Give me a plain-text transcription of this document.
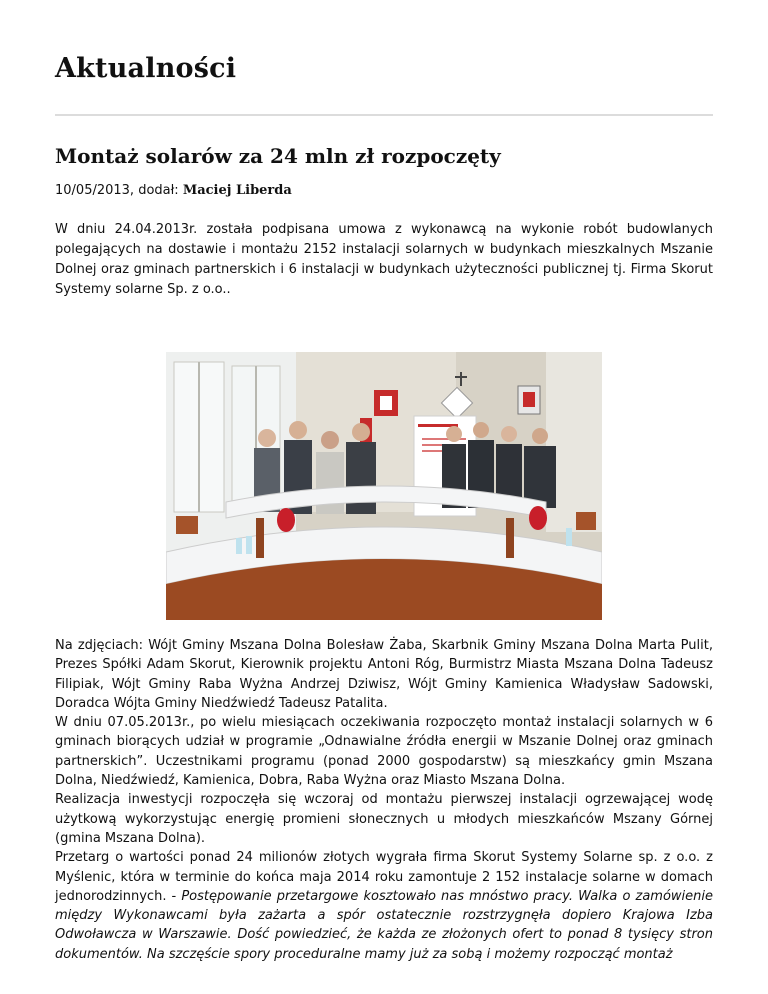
Aktualności
Montaż solarów za 24 mln zł rozpoczęty
10/05/2013, dodał: Maciej Liberda

W dniu 24.04.2013r. została podpisana umowa z wykonawcą na wykonie robót budowlanych polegających na dostawie i montażu 2152 instalacji solarnych w budynkach mieszkalnych Mszanie Dolnej oraz gminach partnerskich i 6 instalacji w budynkach użyteczności publicznej tj. Firma Skorut Systemy solarne Sp. z o.o..

Na zdjęciach: Wójt Gminy Mszana Dolna Bolesław Żaba, Skarbnik Gminy Mszana Dolna Marta Pulit, Prezes Spółki Adam Skorut, Kierownik projektu Antoni Róg, Burmistrz Miasta Mszana Dolna Tadeusz Filipiak, Wójt Gminy Raba Wyżna Andrzej Dziwisz, Wójt Gminy Kamienica Władysław Sadowski, Doradca Wójta Gminy Niedźwiedź Tadeusz Patalita.

W dniu 07.05.2013r., po wielu miesiącach oczekiwania rozpoczęto montaż instalacji solarnych w 6 gminach biorących udział w programie „Odnawialne źródła energii w Mszanie Dolnej oraz gminach partnerskich”. Uczestnikami programu (ponad 2000 gospodarstw) są mieszkańcy gmin Mszana Dolna, Niedźwiedź, Kamienica, Dobra, Raba Wyżna oraz Miasto Mszana Dolna.

Realizacja inwestycji rozpoczęła się wczoraj od montażu pierwszej instalacji ogrzewającej wodę użytkową wykorzystując energię promieni słonecznych u młodych mieszkańców Mszany Górnej (gmina Mszana Dolna).

Przetarg o wartości ponad 24 milionów złotych wygrała firma Skorut Systemy Solarne sp. z o.o. z Myślenic, która w terminie do końca maja 2014 roku zamontuje 2 152 instalacje solarne w domach jednorodzinnych. - Postępowanie przetargowe kosztowało nas mnóstwo pracy. Walka o zamówienie między Wykonawcami była zażarta a spór ostatecznie rozstrzygnęła dopiero Krajowa Izba Odwoławcza w Warszawie. Dość powiedzieć, że każda ze złożonych ofert to ponad 8 tysięcy stron dokumentów. Na szczęście spory proceduralne mamy już za sobą i możemy rozpocząć montaż
